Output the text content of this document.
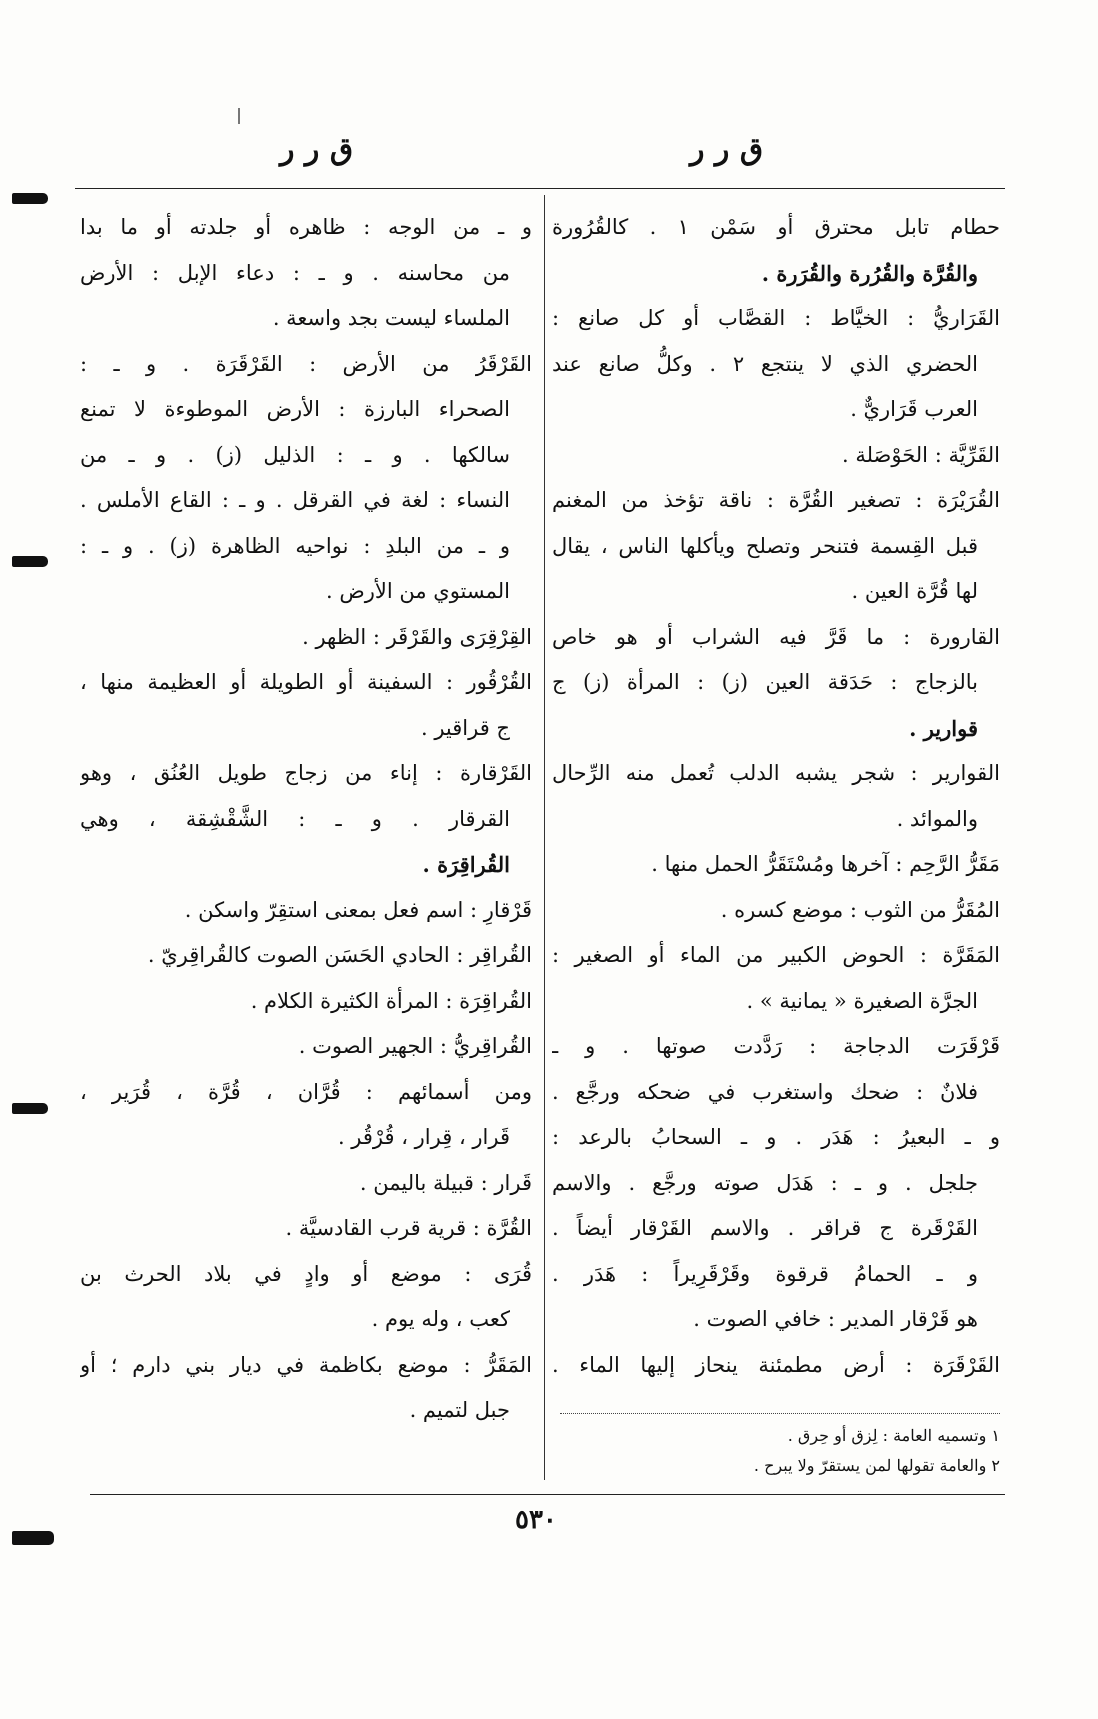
ق ر ر
ق ر ر
حطام تابل محترق أو سَمْن ١ . كالقُرُورة
والقُرَّة والقُرُرة والقُرَرة .
القَرَاريُّ : الخيَّاط : القصَّاب أو كل صانع :
الحضري الذي لا ينتجع ٢ . وكلُّ صانع عند
العرب قَرَاريٌّ .
القَرِّيَّة : الحَوْصَلة .
القُرَيْرَة : تصغير القُرَّة : ناقة تؤخذ من المغنم
قبل القِسمة فتنحر وتصلح ويأكلها الناس ، يقال
لها قُرَّة العين .
القارورة : ما قَرَّ فيه الشراب أو هو خاص
بالزجاج : حَدَقة العين (ز) : المرأة (ز) ج
قوارير .
القوارير : شجر يشبه الدلب تُعمل منه الرِّحال
والموائد .
مَقَرُّ الرَّحِم : آخرها ومُسْتَقَرُّ الحمل منها .
المُقَرُّ من الثوب : موضع كسره .
المَقَرَّة : الحوض الكبير من الماء أو الصغير :
الجرَّة الصغيرة « يمانية » .
قَرْقَرَت الدجاجة : رَدَّدت صوتها . و ـ
فلانٌ : ضحك واستغرب في ضحكه ورجَّع .
و ـ البعيرُ : هَدَر . و ـ السحابُ بالرعد :
جلجل . و ـ : هَدَل صوته ورجَّع . والاسم
القَرْقَرة ج قراقر . والاسم القَرْقار أيضاً .
و ـ الحمامُ قرقوة وقَرْقَرِيراً : هَدَر .
هو قَرْقار المدير : خافي الصوت .
القَرْقَرَة : أرض مطمئنة ينحاز إليها الماء .
و ـ من الوجه : ظاهره أو جلدته أو ما بدا
من محاسنه . و ـ : دعاء الإبل : الأرض
الملساء ليست بجد واسعة .
القَرْقَرُ من الأرض : القَرْقَرَة . و ـ :
الصحراء البارزة : الأرض الموطوءة لا تمنع
سالكها . و ـ : الذليل (ز) . و ـ من
النساء : لغة في القرقل . و ـ : القاع الأملس .
و ـ من البلدِ : نواحيه الظاهرة (ز) . و ـ :
المستوي من الأرض .
القِرْقِرَى والقَرْقَر : الظهر .
القُرْقُور : السفينة أو الطويلة أو العظيمة منها ،
ج قراقير .
القَرْقارة : إناء من زجاج طويل العُنُق ، وهو
القرقار . و ـ : الشَّقْشِقة ، وهي
القُراقِرَة .
قَرْقارِ : اسم فعل بمعنى استقِرّ واسكن .
القُراقِر : الحادي الحَسَن الصوت كالقُراقِريّ .
القُراقِرَة : المرأة الكثيرة الكلام .
القُراقِريُّ : الجهير الصوت .
ومن أسمائهم : قُرَّان ، قُرَّة ، قُرَير ،
قَرار ، قِرار ، قُرْقُر .
قَرار : قبيلة باليمن .
القُرَّة : قرية قرب القادسيَّة .
قُرَى : موضع أو وادٍ في بلاد الحرث بن
كعب ، وله يوم .
المَقَرُّ : موضع بكاظمة في ديار بني دارم ؛ أو
جبل لتميم .
١ وتسميه العامة : لِزق أو حِرق .
٢ والعامة تقولها لمن يستقرّ ولا يبرح .
٥٣٠
